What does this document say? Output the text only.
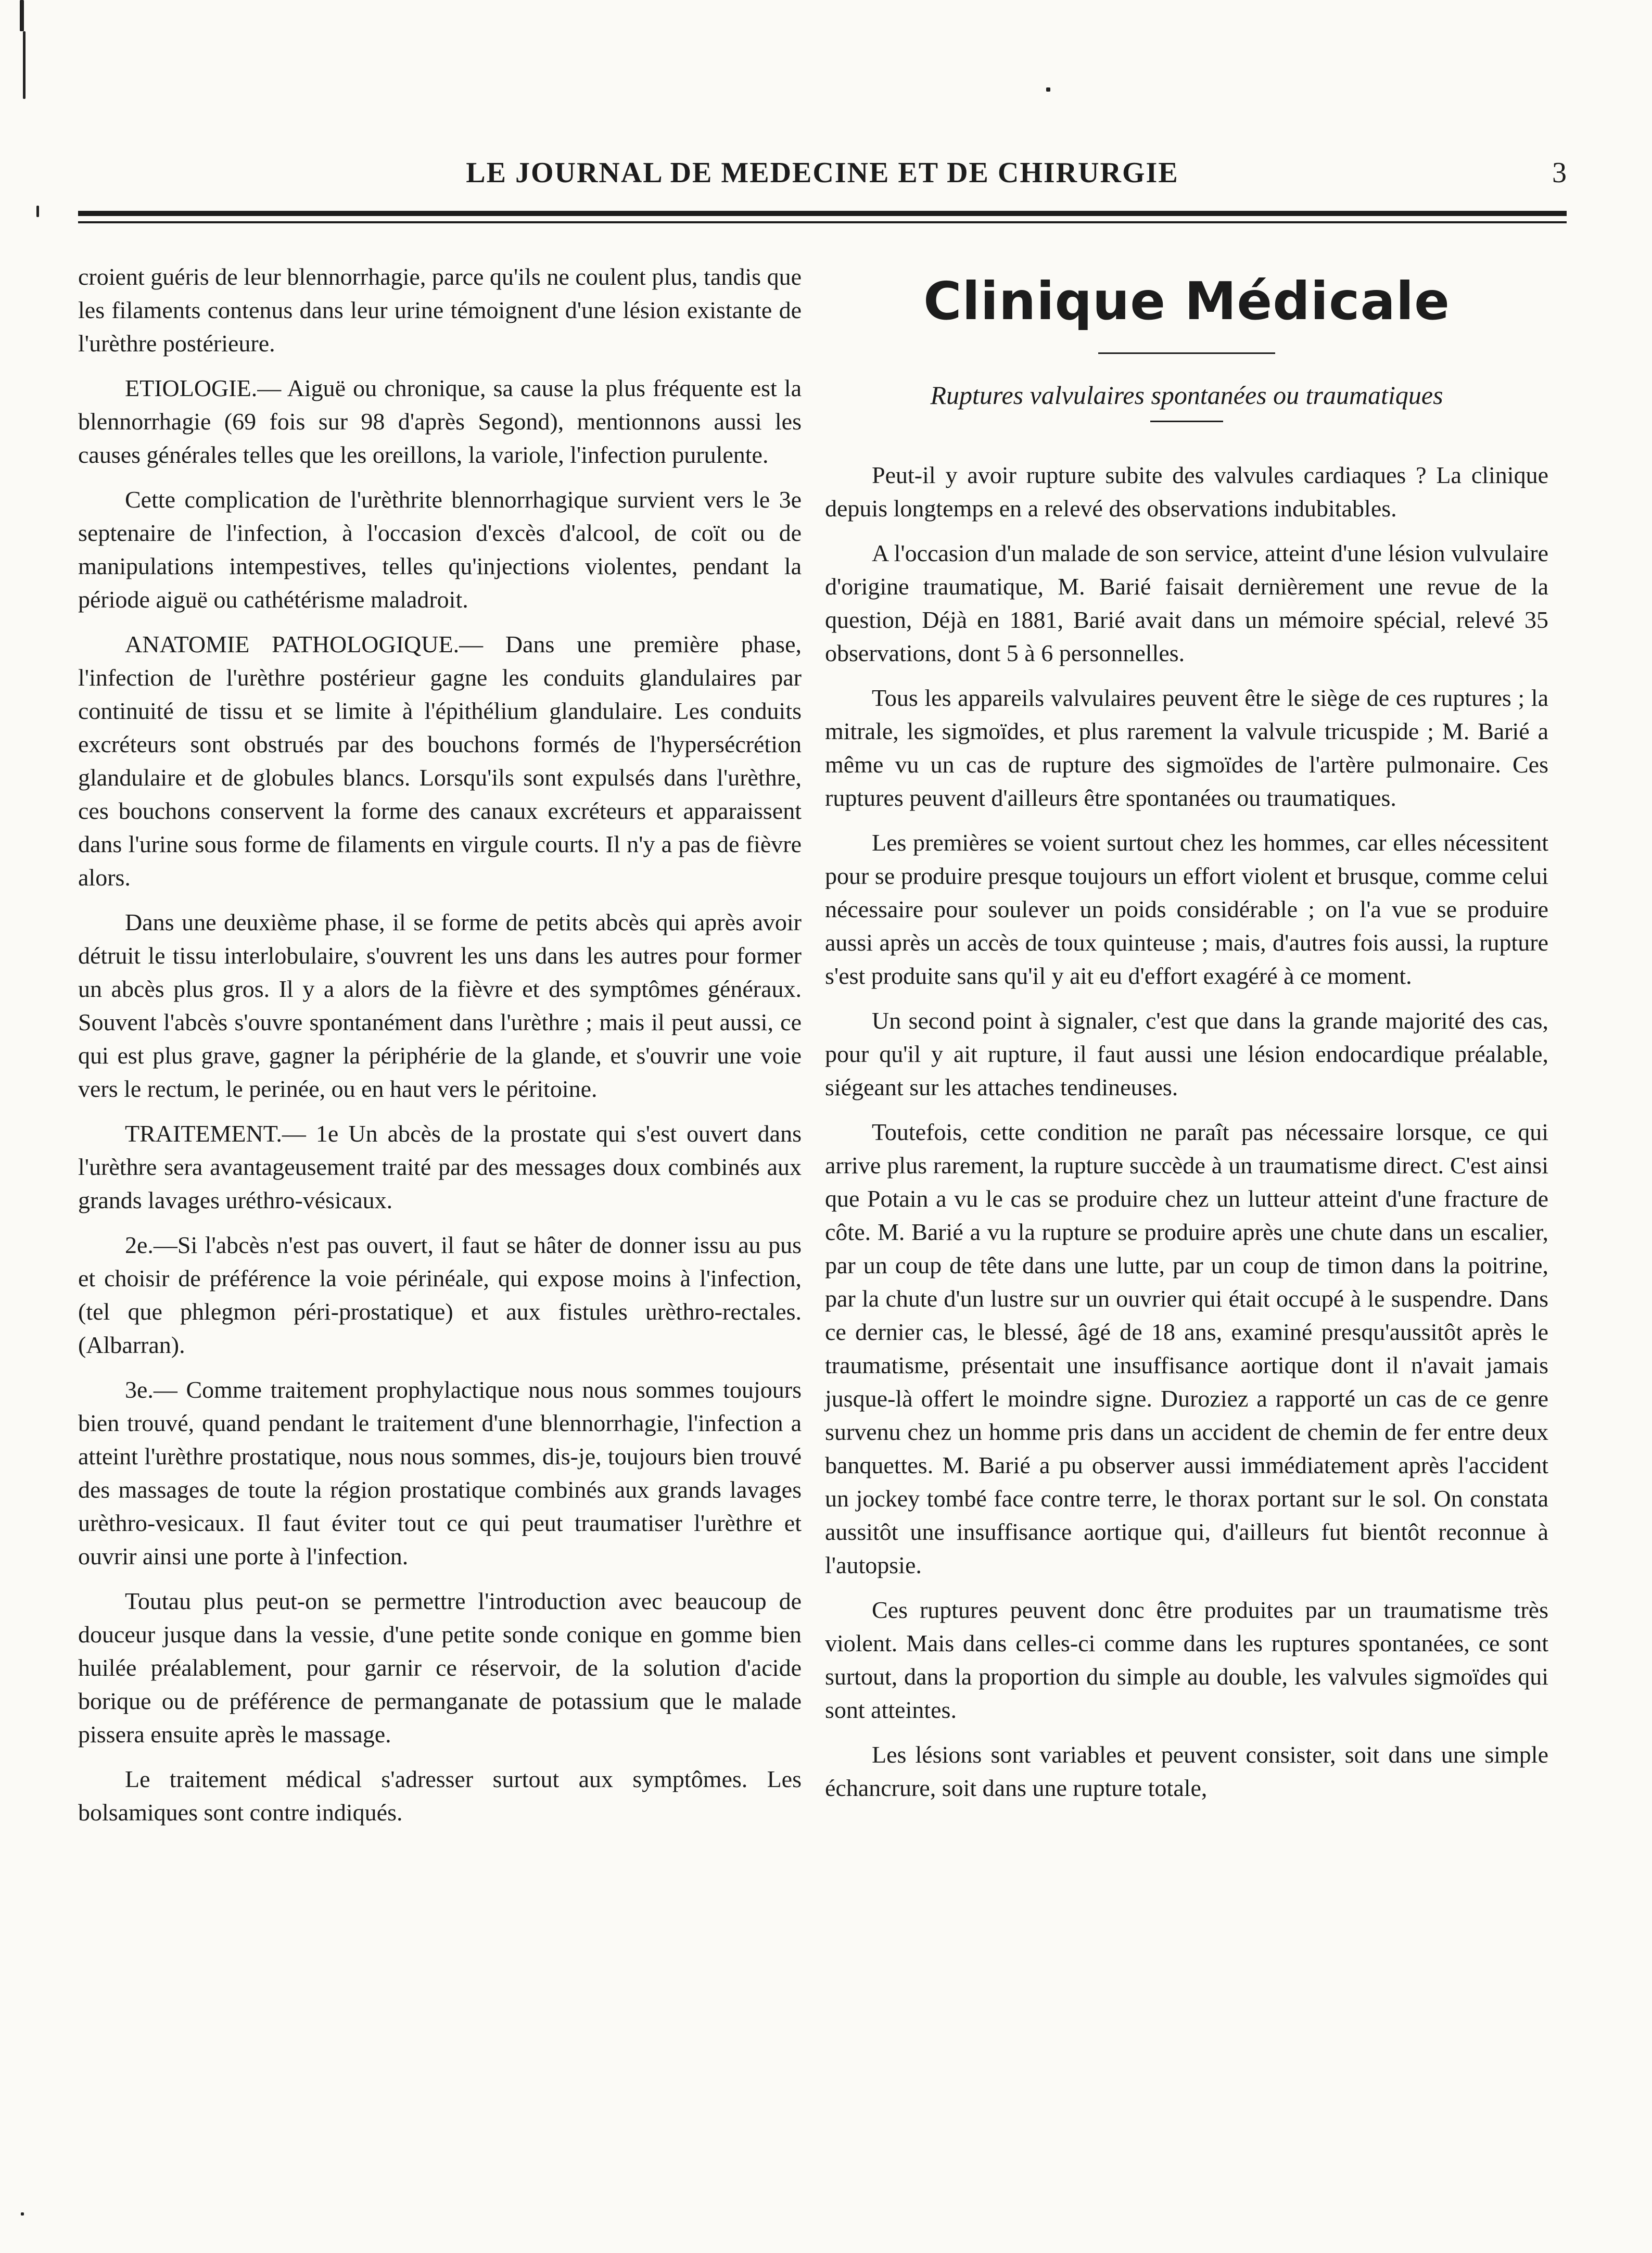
LE JOURNAL DE MEDECINE ET DE CHIRURGIE	3

croient guéris de leur blennorrhagie, parce qu'ils ne coulent plus, tandis que les filaments contenus dans leur urine témoignent d'une lésion existante de l'urèthre postérieure.

ETIOLOGIE.— Aiguë ou chronique, sa cause la plus fréquente est la blennorrhagie (69 fois sur 98 d'après Segond), mentionnons aussi les causes générales telles que les oreillons, la variole, l'infection purulente.

Cette complication de l'urèthrite blennorrhagique survient vers le 3e septenaire de l'infection, à l'occasion d'excès d'alcool, de coït ou de manipulations intempestives, telles qu'injections violentes, pendant la période aiguë ou cathétérisme maladroit.

ANATOMIE PATHOLOGIQUE.— Dans une première phase, l'infection de l'urèthre postérieur gagne les conduits glandulaires par continuité de tissu et se limite à l'épithélium glandulaire. Les conduits excréteurs sont obstrués par des bouchons formés de l'hypersécrétion glandulaire et de globules blancs. Lorsqu'ils sont expulsés dans l'urèthre, ces bouchons conservent la forme des canaux excréteurs et apparaissent dans l'urine sous forme de filaments en virgule courts. Il n'y a pas de fièvre alors.

Dans une deuxième phase, il se forme de petits abcès qui après avoir détruit le tissu interlobulaire, s'ouvrent les uns dans les autres pour former un abcès plus gros. Il y a alors de la fièvre et des symptômes généraux. Souvent l'abcès s'ouvre spontanément dans l'urèthre ; mais il peut aussi, ce qui est plus grave, gagner la périphérie de la glande, et s'ouvrir une voie vers le rectum, le perinée, ou en haut vers le péritoine.

TRAITEMENT.— 1e Un abcès de la prostate qui s'est ouvert dans l'urèthre sera avantageusement traité par des messages doux combinés aux grands lavages uréthro-vésicaux.

2e.—Si l'abcès n'est pas ouvert, il faut se hâter de donner issu au pus et choisir de préférence la voie périnéale, qui expose moins à l'infection, (tel que phlegmon péri-prostatique) et aux fistules urèthro-rectales. (Albarran).

3e.— Comme traitement prophylactique nous nous sommes toujours bien trouvé, quand pendant le traitement d'une blennorrhagie, l'infection a atteint l'urèthre prostatique, nous nous sommes, dis-je, toujours bien trouvé des massages de toute la région prostatique combinés aux grands lavages urèthro-vesicaux. Il faut éviter tout ce qui peut traumatiser l'urèthre et ouvrir ainsi une porte à l'infection.

Toutau plus peut-on se permettre l'introduction avec beaucoup de douceur jusque dans la vessie, d'une petite sonde conique en gomme bien huilée préalablement, pour garnir ce réservoir, de la solution d'acide borique ou de préférence de permanganate de potassium que le malade pissera ensuite après le massage.

Le traitement médical s'adresser surtout aux symptômes. Les bolsamiques sont contre indiqués.

Clinique Médicale
Ruptures valvulaires spontanées ou traumatiques

Peut-il y avoir rupture subite des valvules cardiaques ? La clinique depuis longtemps en a relevé des observations indubitables.

A l'occasion d'un malade de son service, atteint d'une lésion vulvulaire d'origine traumatique, M. Barié faisait dernièrement une revue de la question, Déjà en 1881, Barié avait dans un mémoire spécial, relevé 35 observations, dont 5 à 6 personnelles.

Tous les appareils valvulaires peuvent être le siège de ces ruptures ; la mitrale, les sigmoïdes, et plus rarement la valvule tricuspide ; M. Barié a même vu un cas de rupture des sigmoïdes de l'artère pulmonaire. Ces ruptures peuvent d'ailleurs être spontanées ou traumatiques.

Les premières se voient surtout chez les hommes, car elles nécessitent pour se produire presque toujours un effort violent et brusque, comme celui nécessaire pour soulever un poids considérable ; on l'a vue se produire aussi après un accès de toux quinteuse ; mais, d'autres fois aussi, la rupture s'est produite sans qu'il y ait eu d'effort exagéré à ce moment.

Un second point à signaler, c'est que dans la grande majorité des cas, pour qu'il y ait rupture, il faut aussi une lésion endocardique préalable, siégeant sur les attaches tendineuses.

Toutefois, cette condition ne paraît pas nécessaire lorsque, ce qui arrive plus rarement, la rupture succède à un traumatisme direct. C'est ainsi que Potain a vu le cas se produire chez un lutteur atteint d'une fracture de côte. M. Barié a vu la rupture se produire après une chute dans un escalier, par un coup de tête dans une lutte, par un coup de timon dans la poitrine, par la chute d'un lustre sur un ouvrier qui était occupé à le suspendre. Dans ce dernier cas, le blessé, âgé de 18 ans, examiné presqu'aussitôt après le traumatisme, présentait une insuffisance aortique dont il n'avait jamais jusque-là offert le moindre signe. Duroziez a rapporté un cas de ce genre survenu chez un homme pris dans un accident de chemin de fer entre deux banquettes. M. Barié a pu observer aussi immédiatement après l'accident un jockey tombé face contre terre, le thorax portant sur le sol. On constata aussitôt une insuffisance aortique qui, d'ailleurs fut bientôt reconnue à l'autopsie.

Ces ruptures peuvent donc être produites par un traumatisme très violent. Mais dans celles-ci comme dans les ruptures spontanées, ce sont surtout, dans la proportion du simple au double, les valvules sigmoïdes qui sont atteintes.

Les lésions sont variables et peuvent consister, soit dans une simple échancrure, soit dans une rupture totale,
